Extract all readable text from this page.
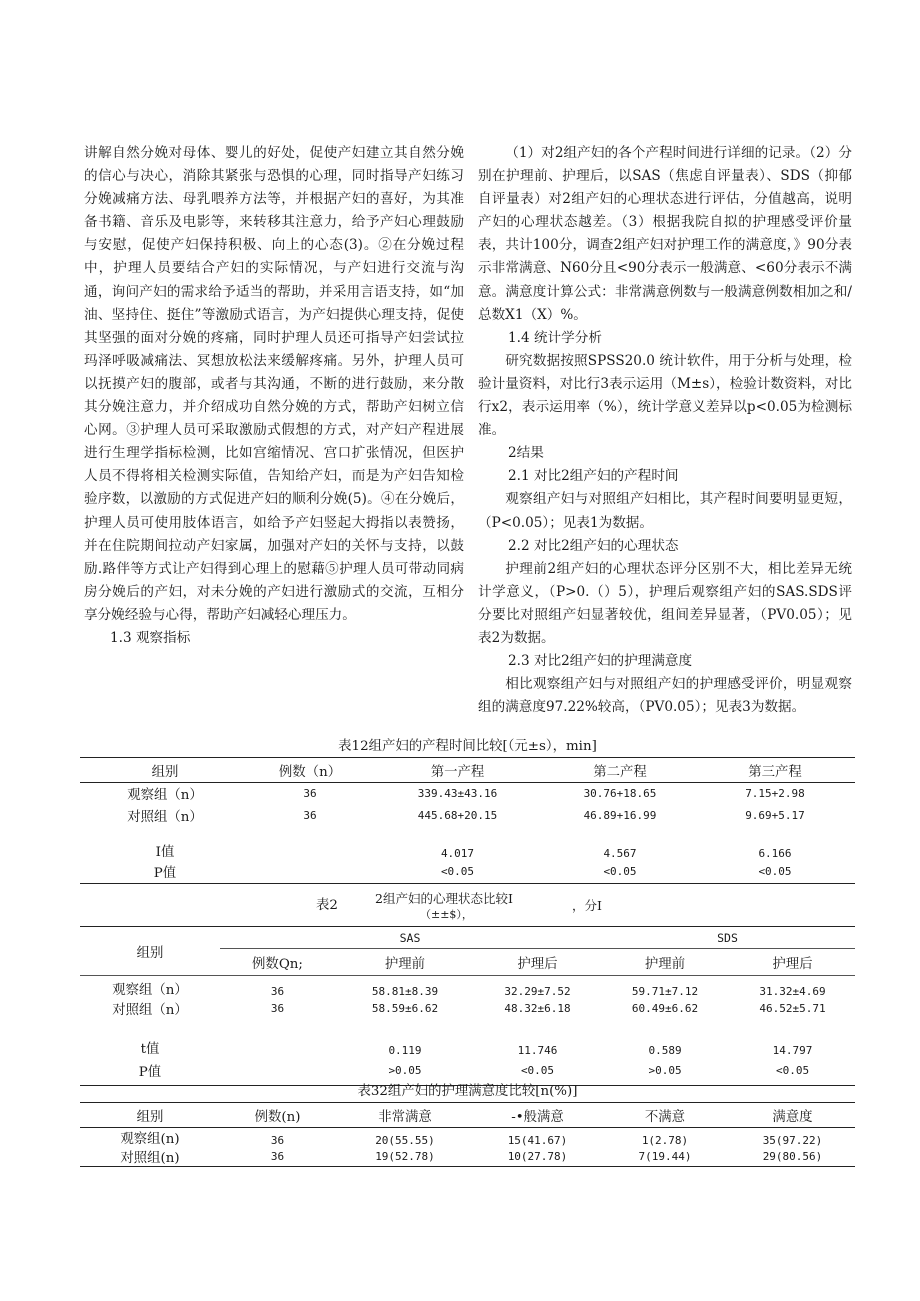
讲解自然分娩对母体、婴儿的好处，促使产妇建立其自然分娩的信心与决心，消除其紧张与恐惧的心理，同时指导产妇练习分娩减痛方法、母乳喂养方法等，并根据产妇的喜好，为其准备书籍、音乐及电影等，来转移其注意力，给予产妇心理鼓励与安慰，促使产妇保持积极、向上的心态(3)。②在分娩过程中，护理人员要结合产妇的实际情况，与产妇进行交流与沟通，询问产妇的需求给予适当的帮助，并采用言语支持，如“加油、坚持住、挺住”等激励式语言，为产妇提供心理支持，促使其坚强的面对分娩的疼痛，同时护理人员还可指导产妇尝试拉玛泽呼吸减痛法、冥想放松法来缓解疼痛。另外，护理人员可以抚摸产妇的腹部，或者与其沟通，不断的进行鼓励，来分散其分娩注意力，并介绍成功自然分娩的方式，帮助产妇树立信心网。③护理人员可采取激励式假想的方式，对产妇产程进展进行生理学指标检测，比如宫缩情况、宫口扩张情况，但医护人员不得将相关检测实际值，告知给产妇，而是为产妇告知检验序数，以激励的方式促进产妇的顺利分娩(5)。④在分娩后，护理人员可使用肢体语言，如给予产妇竖起大拇指以表赞扬，并在住院期间拉动产妇家属，加强对产妇的关怀与支持，以鼓励.路伴等方式让产妇得到心理上的慰藉⑤护理人员可带动同病房分娩后的产妇，对未分娩的产妇进行激励式的交流，互相分享分娩经验与心得，帮助产妇减轻心理压力。

1.3 观察指标

（1）对2组产妇的各个产程时间进行详细的记录。（2）分别在护理前、护理后，以SAS（焦虑自评量表）、SDS（抑郁自评量表）对2组产妇的心理状态进行评估，分值越高，说明产妇的心理状态越差。（3）根据我院自拟的护理感受评价量表，共计100分，调查2组产妇对护理工作的满意度，》90分表示非常满意、N60分且<90分表示一般满意、<60分表示不满意。满意度计算公式：非常满意例数与一般满意例数相加之和/总数X1（X）%。

1.4 统计学分析

研究数据按照SPSS20.0 统计软件，用于分析与处理，检验计量资料，对比行3表示运用（M±s），检验计数资料，对比行x2，表示运用率（%），统计学意义差异以p<0.05为检测标准。

2结果

2.1 对比2组产妇的产程时间

观察组产妇与对照组产妇相比，其产程时间要明显更短，（P<0.05）；见表1为数据。

2.2 对比2组产妇的心理状态

护理前2组产妇的心理状态评分区别不大，相比差异无统计学意义，（P>0.（）5），护理后观察组产妇的SAS.SDS评分要比对照组产妇显著较优，组间差异显著，（PV0.05）；见表2为数据。

2.3 对比2组产妇的护理满意度

相比观察组产妇与对照组产妇的护理感受评价，明显观察组的满意度97.22%较高，（PV0.05）；见表3为数据。

表12组产妇的产程时间比较[（元±s），min]
组别	例数（n）	第一产程	第二产程	第三产程
观察组（n）	36	339.43±43.16	30.76+18.65	7.15+2.98
对照组（n）	36	445.68+20.15	46.89+16.99	9.69+5.17
I值		4.017	4.567	6.166
P值		<0.05	<0.05	<0.05
表2	2组产妇的心理状态比较I
（±±$），
，分I
组别	SAS			SDS	
	例数Qn;	护理前	护理后	护理前	护理后
观察组（n）	36	58.81±8.39	32.29±7.52	59.71±7.12	31.32±4.69
对照组（n）	36	58.59±6.62	48.32±6.18	60.49±6.62	46.52±5.71
t值		0.119	11.746	0.589	14.797
P值		>0.05	<0.05	>0.05	<0.05
表32组产妇的护理满意度比较[n(%)]
组别	例数(n)	非常满意	-•般满意	不满意	满意度
观察组(n)	36	20(55.55)	15(41.67)	1(2.78)	35(97.22)
对照组(n)	36	19(52.78)	10(27.78)	7(19.44)	29(80.56)
